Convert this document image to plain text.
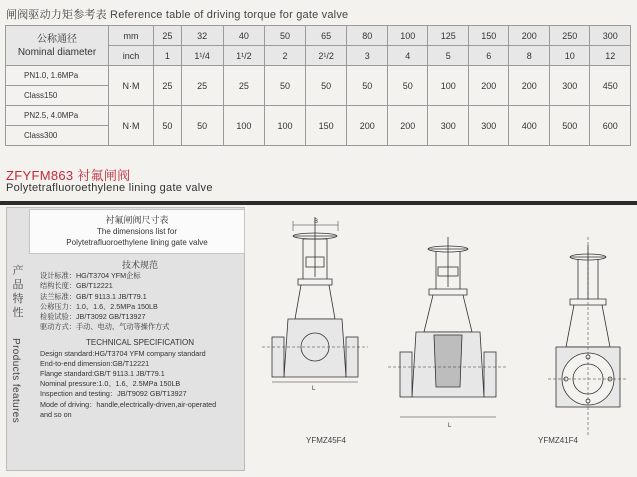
闸阀驱动力矩参考表 Reference table of driving torque for gate valve
公称通径
Nominal diameter	mm	25	32	40	50	65	80	100	125	150	200	250	300
	inch	1	1¹/4	1¹/2	2	2¹/2	3	4	5	6	8	10	12
PN1.0, 1.6MPa	N·M	25	25	25	50	50	50	50	100	200	200	300	450
Class150													
PN2.5, 4.0MPa	N·M	50	50	100	100	150	200	200	300	300	400	500	600
Class300													
ZFYFM863 衬氟闸阀
Polytetrafluoroethylene lining gate valve
衬氟闸阀尺寸表
The dimensions list for
Polytetrafluoroethylene lining gate valve
产
品
特
性
Products features
技术规范
设计标准：HG/T3704 YFM企标
结构长度：GB/T12221
法兰标准：GB/T 9113.1 JB/T79.1
公称压力：1.0、1.6、2.5MPa 150LB
检验试验：JB/T3092 GB/T13927
驱动方式：手动、电动、气动等操作方式
TECHNICAL SPECIFICATION
Design standard:HG/T3704 YFM company standard
End-to-end dimension:GB/T12221
Flange standard:GB/T 9113.1 JB/T79.1
Nominal pressure:1.0、1.6、2.5MPa 150LB
Inspection and testing：JB/T9092 GB/T13927
Mode of driving：handle,electrically-driven,air-operated
and so on
B
L
L
YFMZ45F4	YFMZ41F4
